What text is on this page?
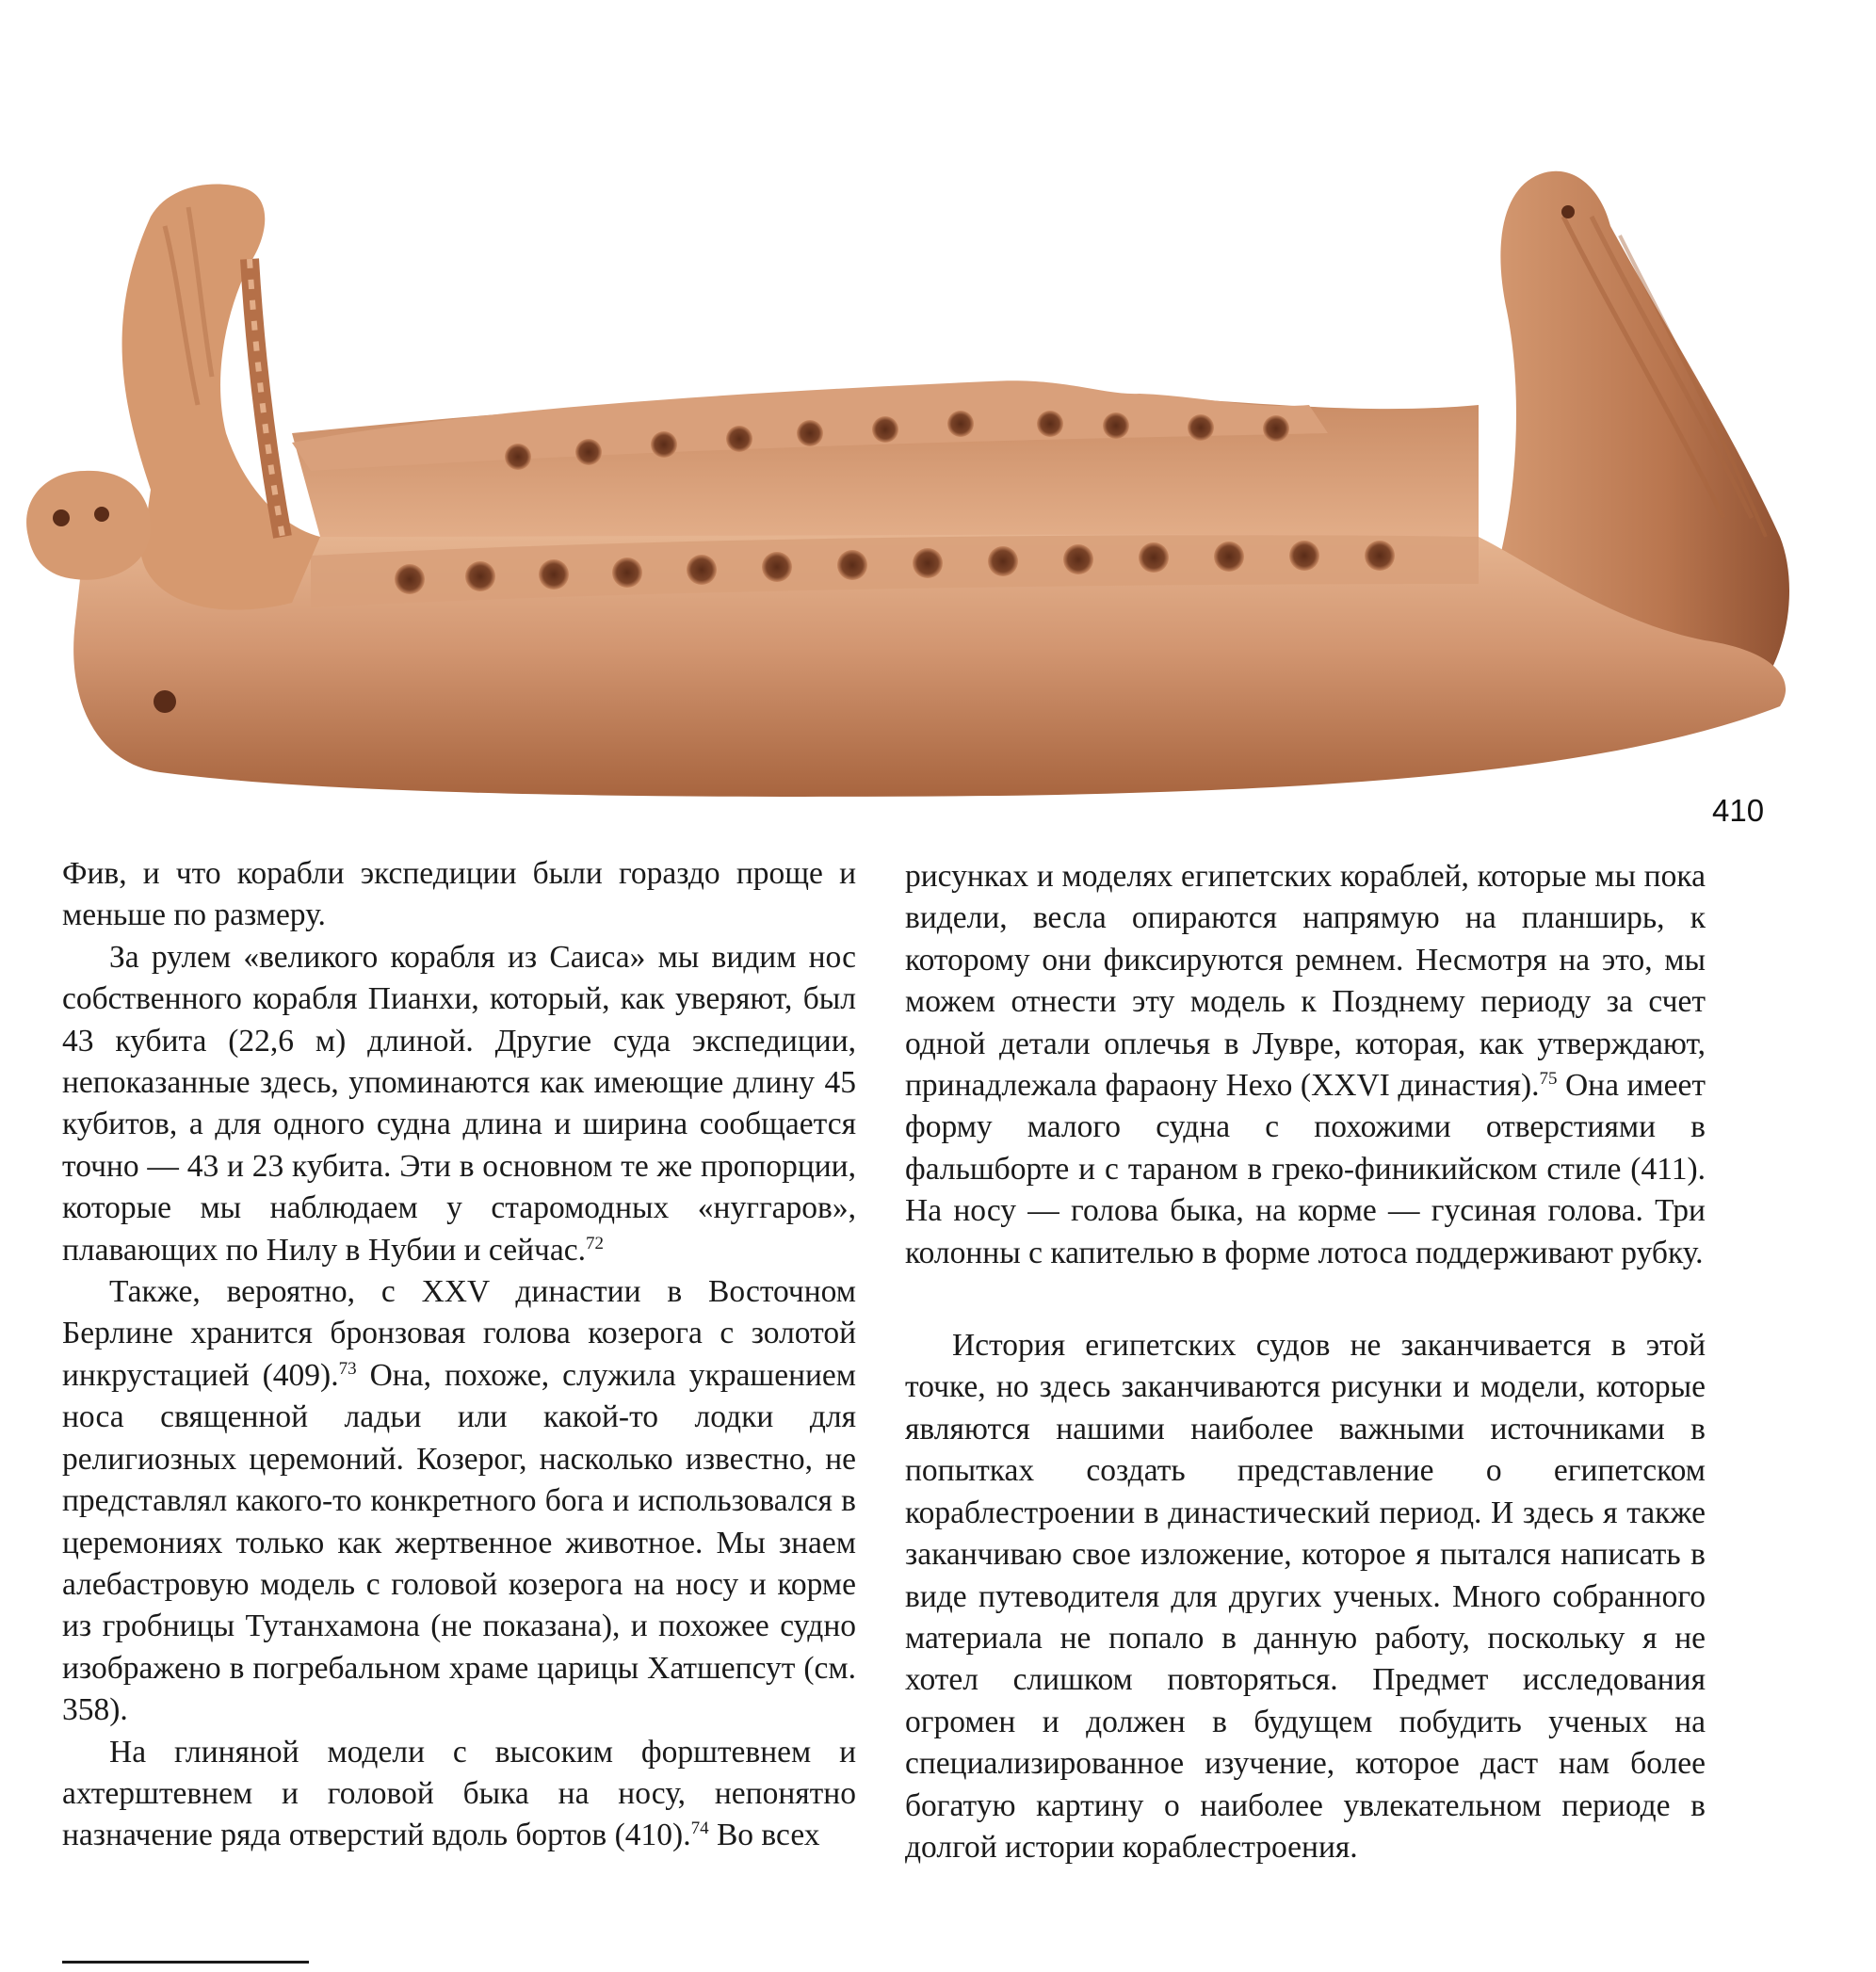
410

Фив, и что корабли экспедиции были гораздо проще и меньше по размеру.

За рулем «великого корабля из Саиса» мы видим нос собственного корабля Пианхи, который, как уверяют, был 43 кубита (22,6 м) длиной. Другие суда экспедиции, непоказанные здесь, упоминаются как имеющие длину 45 кубитов, а для одного судна длина и ширина сообщается точно — 43 и 23 кубита. Эти в основном те же пропорции, которые мы наблюдаем у старомодных «нуггаров», плавающих по Нилу в Нубии и сейчас.$^{72}$

Также, вероятно, с XXV династии в Восточном Берлине хранится бронзовая голова козерога с золотой инкрустацией (409).$^{73}$ Она, похоже, служила украшением носа священной ладьи или какой-то лодки для религиозных церемоний. Козерог, насколько известно, не представлял какого-то конкретного бога и использовался в церемониях только как жертвенное животное. Мы знаем алебастровую модель с головой козерога на носу и корме из гробницы Тутанхамона (не показана), и похожее судно изображено в погребальном храме царицы Хатшепсут (см. 358).

На глиняной модели с высоким форштевнем и ахтерштевнем и головой быка на носу, непонятно назначение ряда отверстий вдоль бортов (410).$^{74}$ Во всех

рисунках и моделях египетских кораблей, которые мы пока видели, весла опираются напрямую на планширь, к которому они фиксируются ремнем. Несмотря на это, мы можем отнести эту модель к Позднему периоду за счет одной детали оплечья в Лувре, которая, как утверждают, принадлежала фараону Нехо (XXVI династия).$^{75}$ Она имеет форму малого судна с похожими отверстиями в фальшборте и с тараном в греко-финикийском стиле (411). На носу — голова быка, на корме — гусиная голова. Три колонны с капителью в форме лотоса поддерживают рубку.

История египетских судов не заканчивается в этой точке, но здесь заканчиваются рисунки и модели, которые являются нашими наиболее важными источниками в попытках создать представление о египетском кораблестроении в династический период. И здесь я также заканчиваю свое изложение, которое я пытался написать в виде путеводителя для других ученых. Много собранного материала не попало в данную работу, поскольку я не хотел слишком повторяться. Предмет исследования огромен и должен в будущем побудить ученых на специализированное изучение, которое даст нам более богатую картину о наиболее увлекательном периоде в долгой истории кораблестроения.
